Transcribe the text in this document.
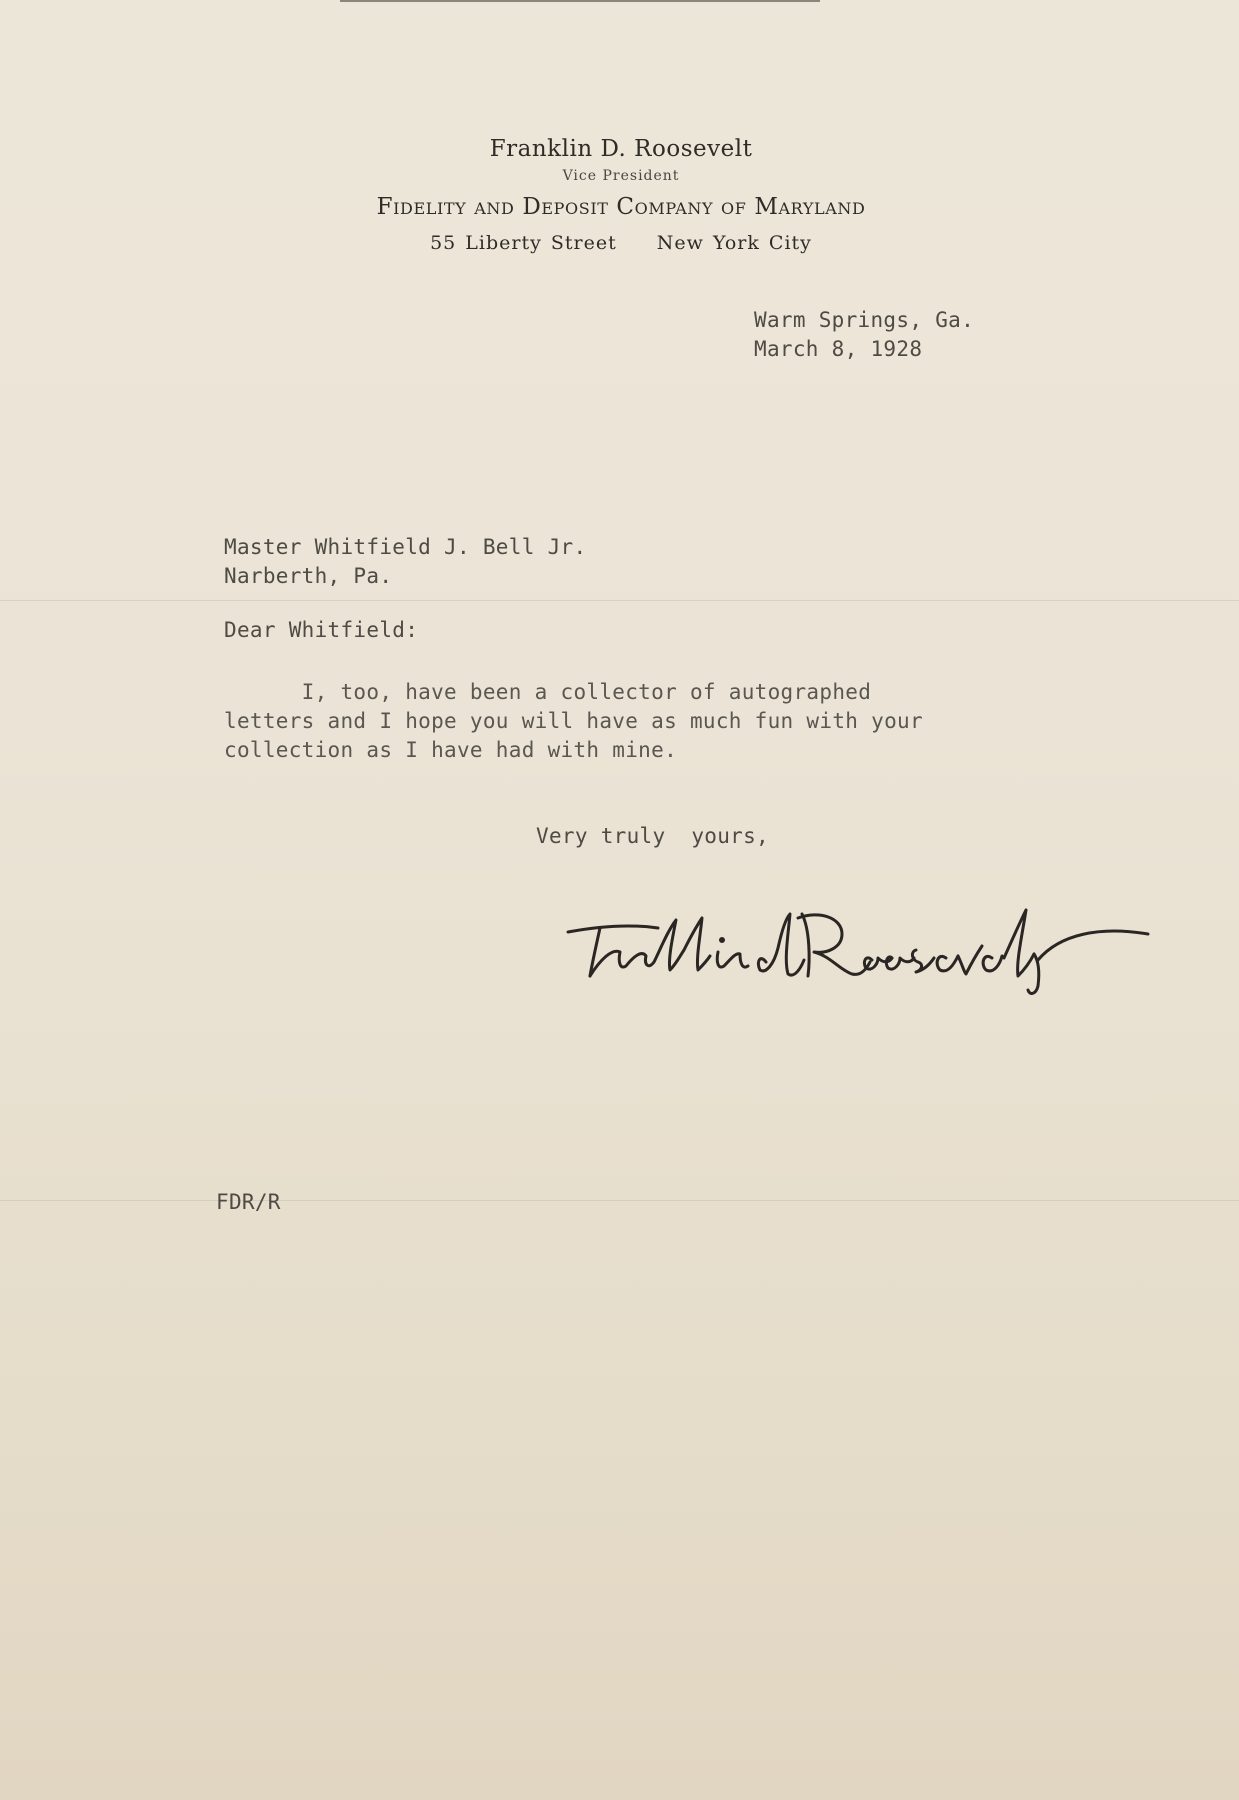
Franklin D. Roosevelt
Vice President
Fidelity and Deposit Company of Maryland
55 Liberty Street New York City
Warm Springs, Ga.
March 8, 1928
Master Whitfield J. Bell Jr.
Narberth, Pa.
Dear Whitfield:
I, too, have been a collector of autographed
letters and I hope you will have as much fun with your
collection as I have had with mine.
Very truly  yours,
FDR/R
